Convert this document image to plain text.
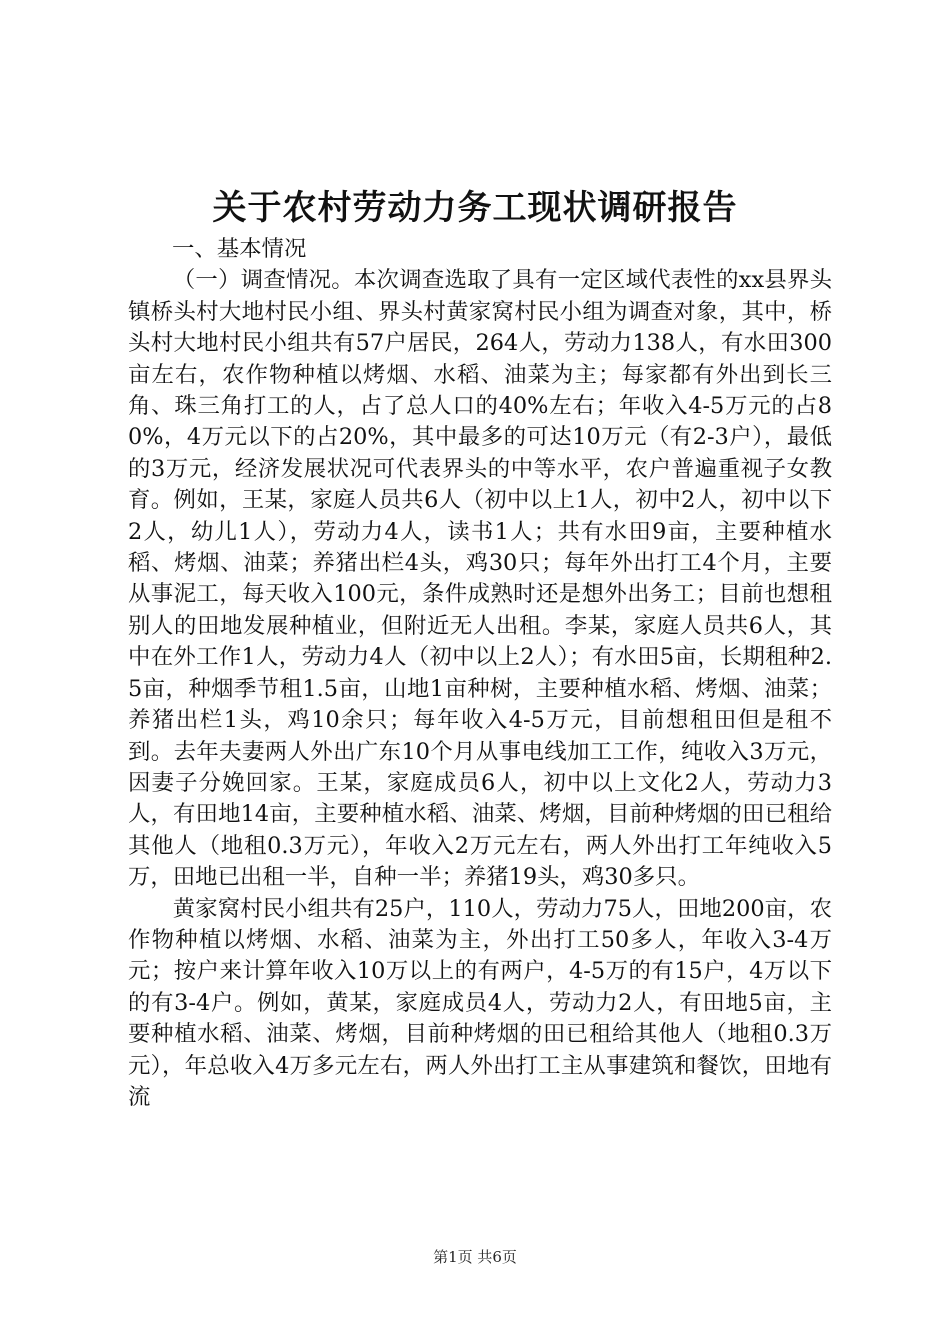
关于农村劳动力务工现状调研报告

一、基本情况

（一）调查情况。本次调查选取了具有一定区域代表性的xx县界头镇桥头村大地村民小组、界头村黄家窝村民小组为调查对象，其中，桥头村大地村民小组共有57户居民，264人，劳动力138人，有水田300亩左右，农作物种植以烤烟、水稻、油菜为主；每家都有外出到长三角、珠三角打工的人，占了总人口的40%左右；年收入4-5万元的占80%，4万元以下的占20%，其中最多的可达10万元（有2-3户），最低的3万元，经济发展状况可代表界头的中等水平，农户普遍重视子女教育。例如，王某，家庭人员共6人（初中以上1人，初中2人，初中以下2人，幼儿1人），劳动力4人，读书1人；共有水田9亩，主要种植水稻、烤烟、油菜；养猪出栏4头，鸡30只；每年外出打工4个月，主要从事泥工，每天收入100元，条件成熟时还是想外出务工；目前也想租别人的田地发展种植业，但附近无人出租。李某，家庭人员共6人，其中在外工作1人，劳动力4人（初中以上2人）；有水田5亩，长期租种2.5亩，种烟季节租1.5亩，山地1亩种树，主要种植水稻、烤烟、油菜；养猪出栏1头，鸡10余只；每年收入4-5万元，目前想租田但是租不到。去年夫妻两人外出广东10个月从事电线加工工作，纯收入3万元，因妻子分娩回家。王某，家庭成员6人，初中以上文化2人，劳动力3人，有田地14亩，主要种植水稻、油菜、烤烟，目前种烤烟的田已租给其他人（地租0.3万元），年收入2万元左右，两人外出打工年纯收入5万，田地已出租一半，自种一半；养猪19头，鸡30多只。

黄家窝村民小组共有25户，110人，劳动力75人，田地200亩，农作物种植以烤烟、水稻、油菜为主，外出打工50多人，年收入3-4万元；按户来计算年收入10万以上的有两户，4-5万的有15户，4万以下的有3-4户。例如，黄某，家庭成员4人，劳动力2人，有田地5亩，主要种植水稻、油菜、烤烟，目前种烤烟的田已租给其他人（地租0.3万元），年总收入4万多元左右，两人外出打工主从事建筑和餐饮，田地有流

第1页 共6页
